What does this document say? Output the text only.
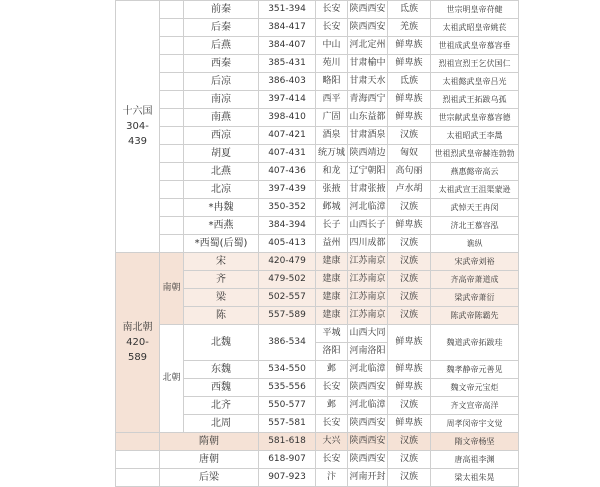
十六国
304-439		前秦	351-394	长安	陕西西安	氐族	世宗明皇帝苻健
		后秦	384-417	长安	陕西西安	羌族	太祖武昭皇帝姚苌
		后燕	384-407	中山	河北定州	鲜卑族	世祖成武皇帝慕容垂
		西秦	385-431	苑川	甘肃榆中	鲜卑族	烈祖宣烈王乞伏国仁
		后凉	386-403	略阳	甘肃天水	氐族	太祖懿武皇帝吕光
		南凉	397-414	西平	青海西宁	鲜卑族	烈祖武王拓跋乌孤
		南燕	398-410	广固	山东益都	鲜卑族	世宗献武皇帝慕容德
		西凉	407-421	酒泉	甘肃酒泉	汉族	太祖昭武王李暠
		胡夏	407-431	统万城	陕西靖边	匈奴	世祖烈武皇帝赫连勃勃
		北燕	407-436	和龙	辽宁朝阳	高句丽	燕惠懿帝高云
		北凉	397-439	张掖	甘肃张掖	卢水胡	太祖武宣王沮渠蒙逊
		*冉魏	350-352	邺城	河北临漳	汉族	武悼天王冉闵
		*西燕	384-394	长子	山西长子	鲜卑族	济北王慕容泓
		*西蜀(后蜀)	405-413	益州	四川成都	汉族	谯纵
南北朝
420-589	南朝	宋	420-479	建康	江苏南京	汉族	宋武帝刘裕
		齐	479-502	建康	江苏南京	汉族	齐高帝萧道成
		梁	502-557	建康	江苏南京	汉族	梁武帝萧衍
		陈	557-589	建康	江苏南京	汉族	陈武帝陈霸先
	北朝	北魏	386-534	平城	山西大同	鲜卑族	魏道武帝拓跋珪
				洛阳	河南洛阳		
		东魏	534-550	邺	河北临漳	鲜卑族	魏孝静帝元善见
		西魏	535-556	长安	陕西西安	鲜卑族	魏文帝元宝炬
		北齐	550-577	邺	河北临漳	汉族	齐文宣帝高洋
		北周	557-581	长安	陕西西安	鲜卑族	周孝闵帝宇文觉
	隋朝		581-618	大兴	陕西西安	汉族	隋文帝杨坚
	唐朝		618-907	长安	陕西西安	汉族	唐高祖李渊
	后梁		907-923	汴	河南开封	汉族	梁太祖朱晃
